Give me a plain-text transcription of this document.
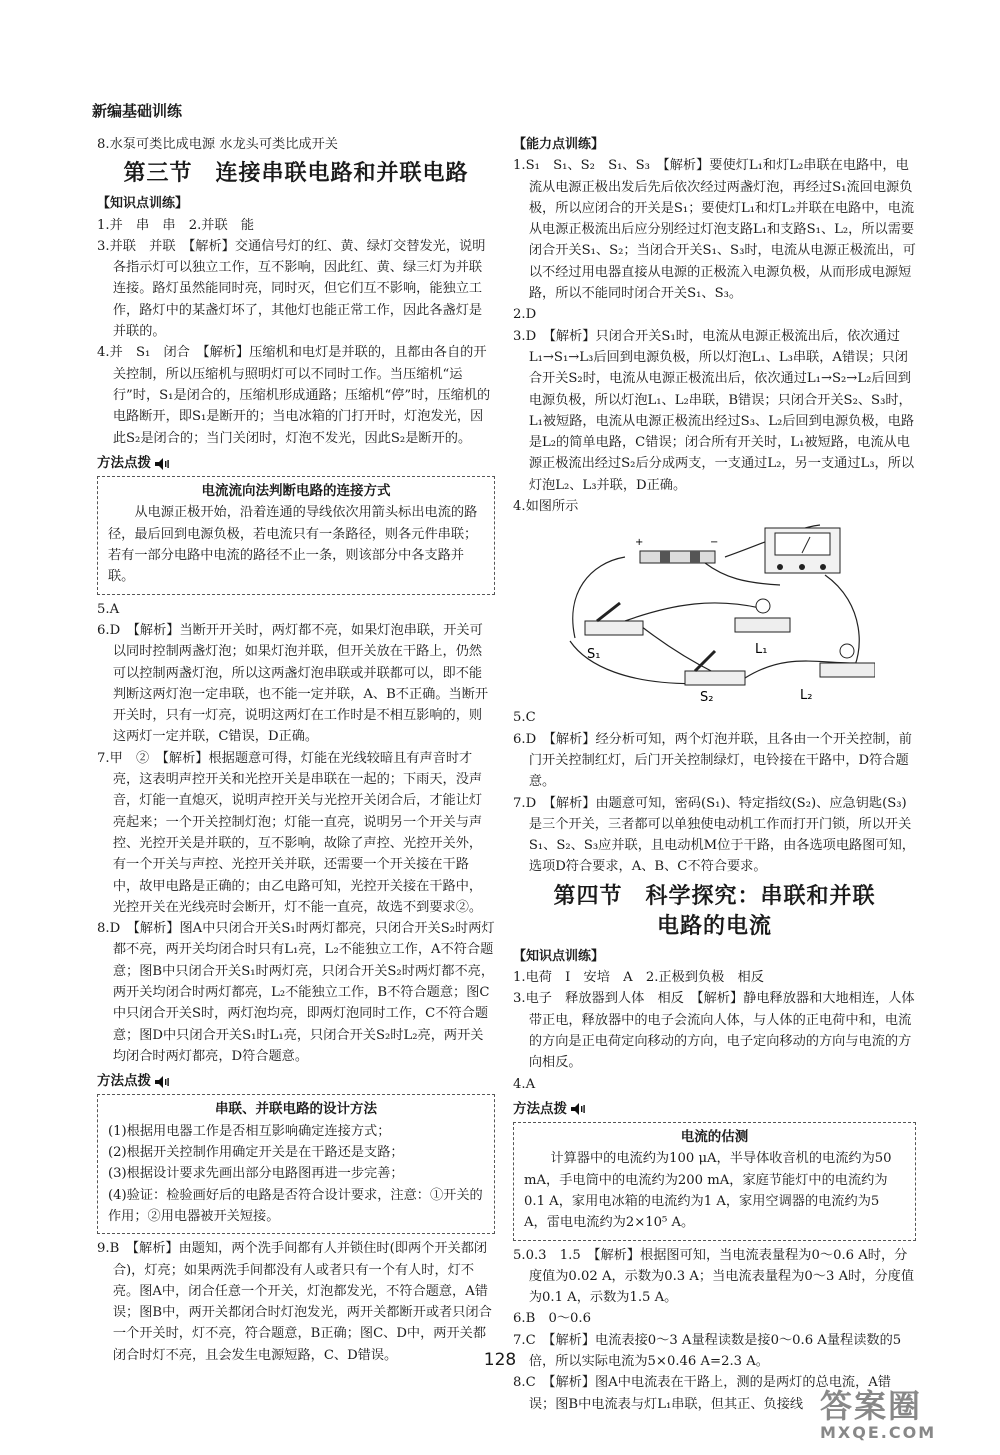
新编基础训练

8.水泵可类比成电源 水龙头可类比成开关

第三节　连接串联电路和并联电路

【知识点训练】

1.并　串　串　2.并联　能

3.并联　并联　【解析】交通信号灯的红、黄、绿灯交替发光，说明各指示灯可以独立工作，互不影响，因此红、黄、绿三灯为并联连接。路灯虽然能同时亮，同时灭，但它们互不影响，能独立工作，路灯中的某盏灯坏了，其他灯也能正常工作，因此各盏灯是并联的。

4.并　S₁　闭合　【解析】压缩机和电灯是并联的，且都由各自的开关控制，所以压缩机与照明灯可以不同时工作。当压缩机“运行”时，S₁是闭合的，压缩机形成通路；压缩机“停”时，压缩机的电路断开，即S₁是断开的；当电冰箱的门打开时，灯泡发光，因此S₂是闭合的；当门关闭时，灯泡不发光，因此S₂是断开的。

方法点拨
电流流向法判断电路的连接方式

从电源正极开始，沿着连通的导线依次用箭头标出电流的路径，最后回到电源负极，若电流只有一条路径，则各元件串联；若有一部分电路中电流的路径不止一条，则该部分中各支路并联。

5.A

6.D　【解析】当断开开关时，两灯都不亮，如果灯泡串联，开关可以同时控制两盏灯泡；如果灯泡并联，但开关放在干路上，仍然可以控制两盏灯泡，所以这两盏灯泡串联或并联都可以，即不能判断这两灯泡一定串联，也不能一定并联，A、B不正确。当断开开关时，只有一灯亮，说明这两灯在工作时是不相互影响的，则这两灯一定并联，C错误，D正确。

7.甲　②　【解析】根据题意可得，灯能在光线较暗且有声音时才亮，这表明声控开关和光控开关是串联在一起的；下雨天，没声音，灯能一直熄灭，说明声控开关与光控开关闭合后，才能让灯亮起来；一个开关控制灯泡；灯能一直亮，说明另一个开关与声控、光控开关是并联的，互不影响，故除了声控、光控开关外，有一个开关与声控、光控开关并联，还需要一个开关接在干路中，故甲电路是正确的；由乙电路可知，光控开关接在干路中，光控开关在光线亮时会断开，灯不能一直亮，故选不到要求②。

8.D　【解析】图A中只闭合开关S₁时两灯都亮，只闭合开关S₂时两灯都不亮，两开关均闭合时只有L₁亮，L₂不能独立工作，A不符合题意；图B中只闭合开关S₁时两灯亮，只闭合开关S₂时两灯都不亮，两开关均闭合时两灯都亮，L₂不能独立工作，B不符合题意；图C中只闭合开关S时，两灯泡均亮，即两灯泡同时工作，C不符合题意；图D中只闭合开关S₁时L₁亮，只闭合开关S₂时L₂亮，两开关均闭合时两灯都亮，D符合题意。

方法点拨
串联、并联电路的设计方法

(1)根据用电器工作是否相互影响确定连接方式；

(2)根据开关控制作用确定开关是在干路还是支路；

(3)根据设计要求先画出部分电路图再进一步完善；

(4)验证：检验画好后的电路是否符合设计要求，注意：①开关的作用；②用电器被开关短接。

9.B　【解析】由题知，两个洗手间都有人并锁住时(即两个开关都闭合)，灯亮；如果两洗手间都没有人或者只有一个有人时，灯不亮。图A中，闭合任意一个开关，灯泡都发光，不符合题意，A错误；图B中，两开关都闭合时灯泡发光，两开关都断开或者只闭合一个开关时，灯不亮，符合题意，B正确；图C、D中，两开关都闭合时灯不亮，且会发生电源短路，C、D错误。

【能力点训练】

1.S₁　S₁、S₂　S₁、S₃　【解析】要使灯L₁和灯L₂串联在电路中，电流从电源正极出发后先后依次经过两盏灯泡，再经过S₁流回电源负极，所以应闭合的开关是S₁；要使灯L₁和灯L₂并联在电路中，电流从电源正极流出后应分别经过灯泡支路L₁和支路S₁、L₂，所以需要闭合开关S₁、S₂；当闭合开关S₁、S₃时，电流从电源正极流出，可以不经过用电器直接从电源的正极流入电源负极，从而形成电源短路，所以不能同时闭合开关S₁、S₃。

2.D

3.D　【解析】只闭合开关S₁时，电流从电源正极流出后，依次通过L₁→S₁→L₃后回到电源负极，所以灯泡L₁、L₃串联，A错误；只闭合开关S₂时，电流从电源正极流出后，依次通过L₁→S₂→L₂后回到电源负极，所以灯泡L₁、L₂串联，B错误；只闭合开关S₂、S₃时，L₁被短路，电流从电源正极流出经过S₃、L₂后回到电源负极，电路是L₂的简单电路，C错误；闭合所有开关时，L₁被短路，电流从电源正极流出经过S₂后分成两支，一支通过L₂，另一支通过L₃，所以灯泡L₂、L₃并联，D正确。

4.如图所示

+	−
S₁	L₁
S₂	L₂

5.C

6.D　【解析】经分析可知，两个灯泡并联，且各由一个开关控制，前门开关控制红灯，后门开关控制绿灯，电铃接在干路中，D符合题意。

7.D　【解析】由题意可知，密码(S₁)、特定指纹(S₂)、应急钥匙(S₃)是三个开关，三者都可以单独使电动机工作而打开门锁，所以开关S₁、S₂、S₃应并联，且电动机M位于干路，由各选项电路图可知，选项D符合要求，A、B、C不符合要求。

第四节　科学探究：串联和并联
电路的电流

【知识点训练】

1.电荷　I　安培　A　2.正极到负极　相反

3.电子　释放器到人体　相反　【解析】静电释放器和大地相连，人体带正电，释放器中的电子会流向人体，与人体的正电荷中和，电流的方向是正电荷定向移动的方向，电子定向移动的方向与电流的方向相反。

4.A

方法点拨
电流的估测

计算器中的电流约为100 μA，半导体收音机的电流约为50 mA，手电筒中的电流约为200 mA，家庭节能灯中的电流约为0.1 A，家用电冰箱的电流约为1 A，家用空调器的电流约为5 A，雷电电流约为2×10⁵ A。

5.0.3　1.5　【解析】根据图可知，当电流表量程为0～0.6 A时，分度值为0.02 A，示数为0.3 A；当电流表量程为0～3 A时，分度值为0.1 A，示数为1.5 A。

6.B　0～0.6

7.C　【解析】电流表接0～3 A量程读数是接0～0.6 A量程读数的5倍，所以实际电流为5×0.46 A=2.3 A。

8.C　【解析】图A中电流表在干路上，测的是两灯的总电流，A错误；图B中电流表与灯L₁串联，但其正、负接线

128
答案圈
MXQE.COM
